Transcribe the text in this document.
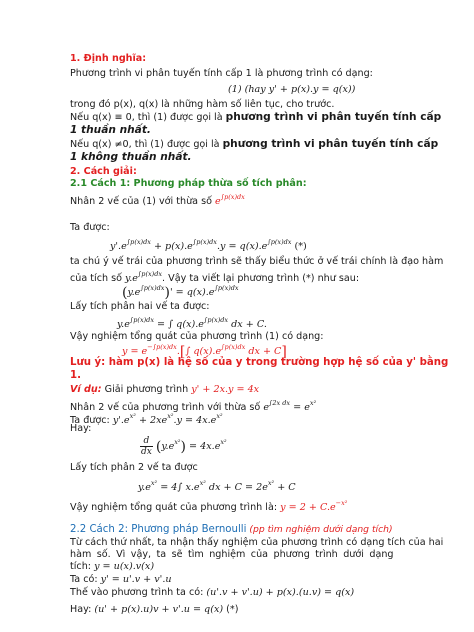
1. Định nghĩa:
Phương trình vi phân tuyến tính cấp 1 là phương trình có dạng:
(1) (hay y' + p(x).y = q(x))
trong đó p(x), q(x) là những hàm số liên tục, cho trước.
Nếu q(x) ≡ 0, thì (1) được gọi là phương trình vi phân tuyến tính cấp
1 thuần nhất.
Nếu q(x) ≠0, thì (1) được gọi là phương trình vi phân tuyến tính cấp
1 không thuần nhất.
2. Cách giải:
2.1 Cách 1: Phương pháp thừa số tích phân:
Nhân 2 vế của (1) với thừa số $e^{\int p(x)dx}$
Ta được:
$y'.e^{\int p(x)dx} + p(x).e^{\int p(x)dx}.y = q(x).e^{\int p(x)dx}$ (*)
ta chú ý vế trái của phương trình sẽ thấy biểu thức ở vế trái chính là đạo hàm
của tích số $y.e^{\int p(x)dx}$. Vậy ta viết lại phương trình (*) như sau:
$(y.e^{\int p(x)dx})' = q(x).e^{\int p(x)dx}$
Lấy tích phân hai vế ta được:
$y.e^{\int p(x)dx}$ = ∫ $q(x).e^{\int p(x)dx}$ dx + C.
Vậy nghiệm tổng quát của phương trình (1) có dạng:
$y = e^{-\int p(x)dx}.[\int$ $q(x).e^{\int p(x)dx}$ dx + C]
Lưu ý: hàm p(x) là hệ số của y trong trường hợp hệ số của y' bằng
1.
Ví dụ: Giải phương trình y' + 2x.y = 4x
Nhân 2 vế của phương trình với thừa số $e^{\int 2x dx} = e^{x^2}$
Ta được: $y'.e^{x^2} + 2xe^{x^2}.y = 4x.e^{x^2}$
Hay:
$\frac{d}{dx} (y.e^{x^2}) = 4x.e^{x^2}$
Lấy tích phân 2 vế ta được
$y.e^{x^2} = 4\int$ $x.e^{x^2}$ dx + $C = 2e^{x^2} + C$
Vậy nghiệm tổng quát của phương trình là: $y = 2 + C.e^{-x^2}$
2.2 Cách 2: Phương pháp Bernoulli (pp tìm nghiệm dưới dạng tích)
Từ cách thứ nhất, ta nhận thấy nghiệm của phương trình có dạng tích của hai
hàm số. Vì vậy, ta sẽ tìm nghiệm của phương trình dưới dạng
tích: y = u(x).v(x)
Ta có: y' = u'.v + v'.u
Thế vào phương trình ta có: (u'.v + v'.u) + p(x).(u.v) = q(x)
Hay: (u' + p(x).u)v + v'.u = q(x) (*)
